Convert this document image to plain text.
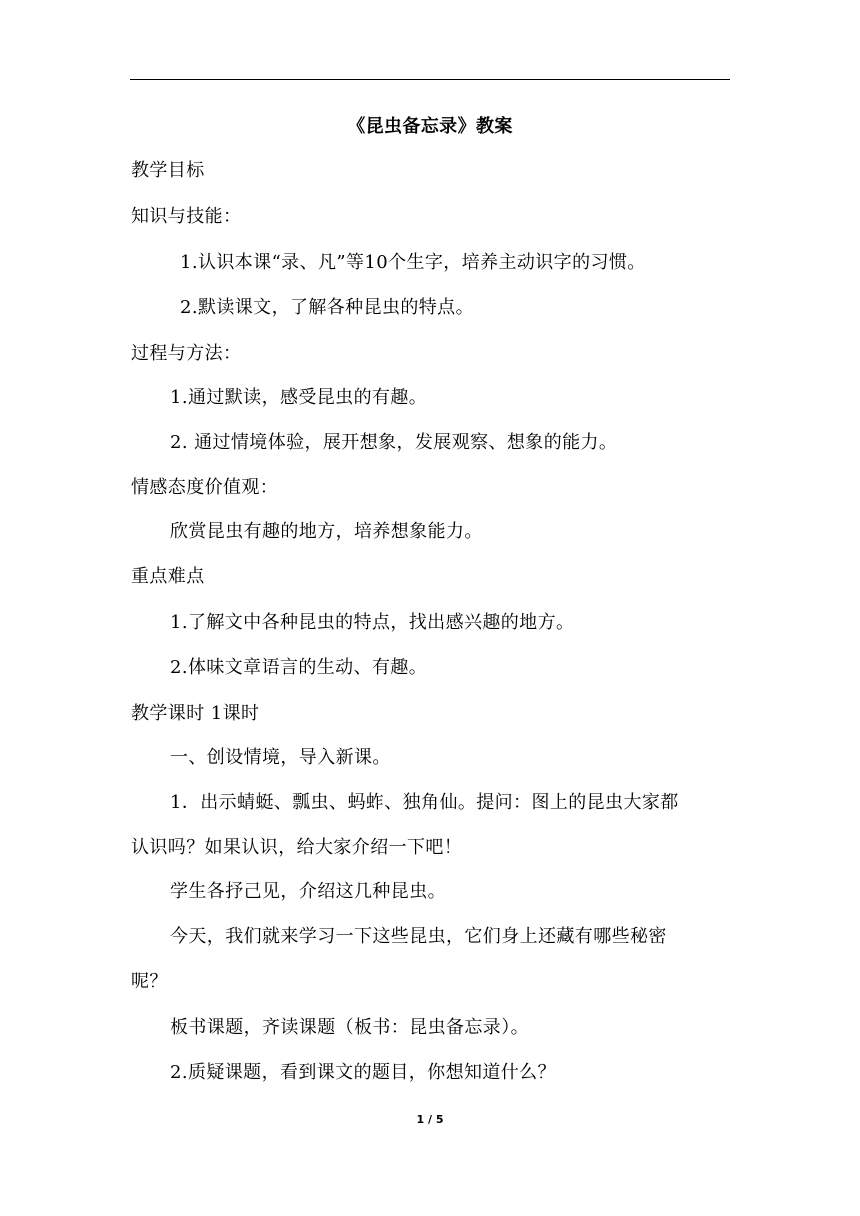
《昆虫备忘录》教案
教学目标
知识与技能：
1.认识本课“录、凡”等10个生字，培养主动识字的习惯。
2.默读课文，了解各种昆虫的特点。
过程与方法：
1.通过默读，感受昆虫的有趣。
2. 通过情境体验，展开想象，发展观察、想象的能力。
情感态度价值观：
欣赏昆虫有趣的地方，培养想象能力。
重点难点
1.了解文中各种昆虫的特点，找出感兴趣的地方。
2.体味文章语言的生动、有趣。
教学课时 1课时
一、创设情境，导入新课。
1．出示蜻蜓、瓢虫、蚂蚱、独角仙。提问：图上的昆虫大家都
认识吗？如果认识，给大家介绍一下吧！
学生各抒己见，介绍这几种昆虫。
今天，我们就来学习一下这些昆虫，它们身上还藏有哪些秘密
呢？
板书课题，齐读课题（板书：昆虫备忘录）。
2.质疑课题，看到课文的题目，你想知道什么？
1 / 5
